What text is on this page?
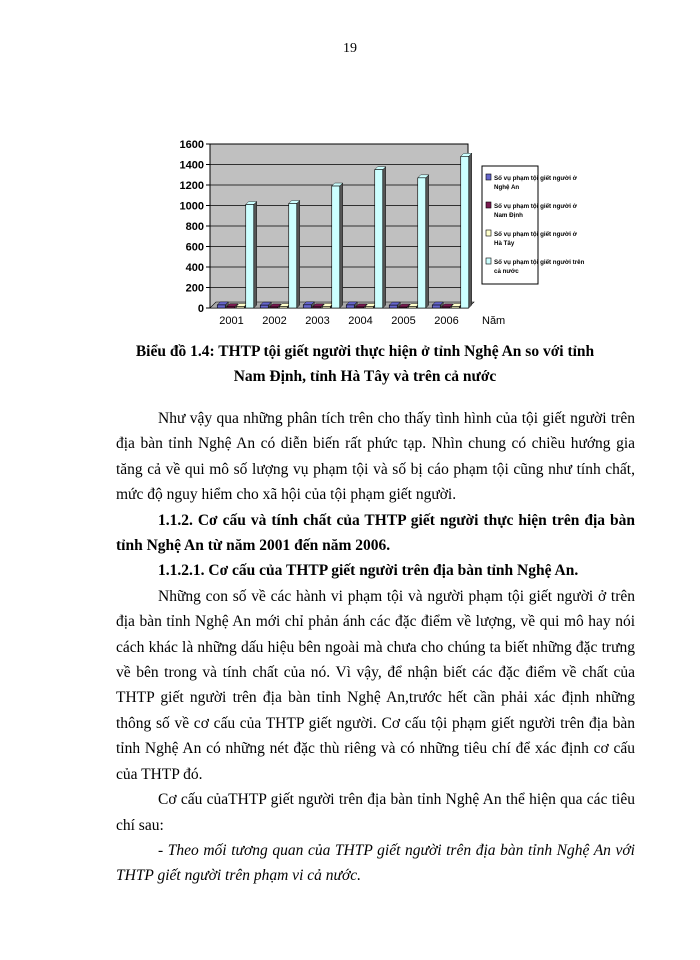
19
0
200
400
600
800
1000
1200
1400
1600
2001 2002 2003 2004 2005 2006 Năm
Số vụ phạm tội giết người ở
Nghệ An
Số vụ phạm tội giết người ở
Nam Định
Số vụ phạm tội giết người ở
Hà Tây
Số vụ phạm tội giết người trên
cả nước
Biểu đồ 1.4: THTP tội giết người thực hiện ở tỉnh Nghệ An so với tỉnh
Nam Định, tỉnh Hà Tây và trên cả nước

Như vậy qua những phân tích trên cho thấy tình hình của tội giết người trên địa bàn tỉnh Nghệ An có diễn biến rất phức tạp. Nhìn chung có chiều hướng gia tăng cả về qui mô số lượng vụ phạm tội và số bị cáo phạm tội cũng như tính chất, mức độ nguy hiểm cho xã hội của tội phạm giết người.

1.1.2. Cơ cấu và tính chất của THTP giết người thực hiện trên địa bàn tỉnh Nghệ An từ năm 2001 đến năm 2006.

1.1.2.1. Cơ cấu của THTP giết người trên địa bàn tỉnh Nghệ An.

Những con số về các hành vi phạm tội và người phạm tội giết người ở trên địa bàn tỉnh Nghệ An mới chỉ phản ánh các đặc điểm về lượng, về qui mô hay nói cách khác là những dấu hiệu bên ngoài mà chưa cho chúng ta biết những đặc trưng về bên trong và tính chất của nó. Vì vậy, để nhận biết các đặc điểm về chất của THTP giết người trên địa bàn tỉnh Nghệ An,trước hết cần phải xác định những thông số về cơ cấu của THTP giết người. Cơ cấu tội phạm giết người trên địa bàn tỉnh Nghệ An có những nét đặc thù riêng và có những tiêu chí để xác định cơ cấu của THTP đó.

Cơ cấu củaTHTP giết người trên địa bàn tỉnh Nghệ An thể hiện qua các tiêu chí sau:

- Theo mối tương quan của THTP giết người trên địa bàn tỉnh Nghệ An với THTP giết người trên phạm vi cả nước.
